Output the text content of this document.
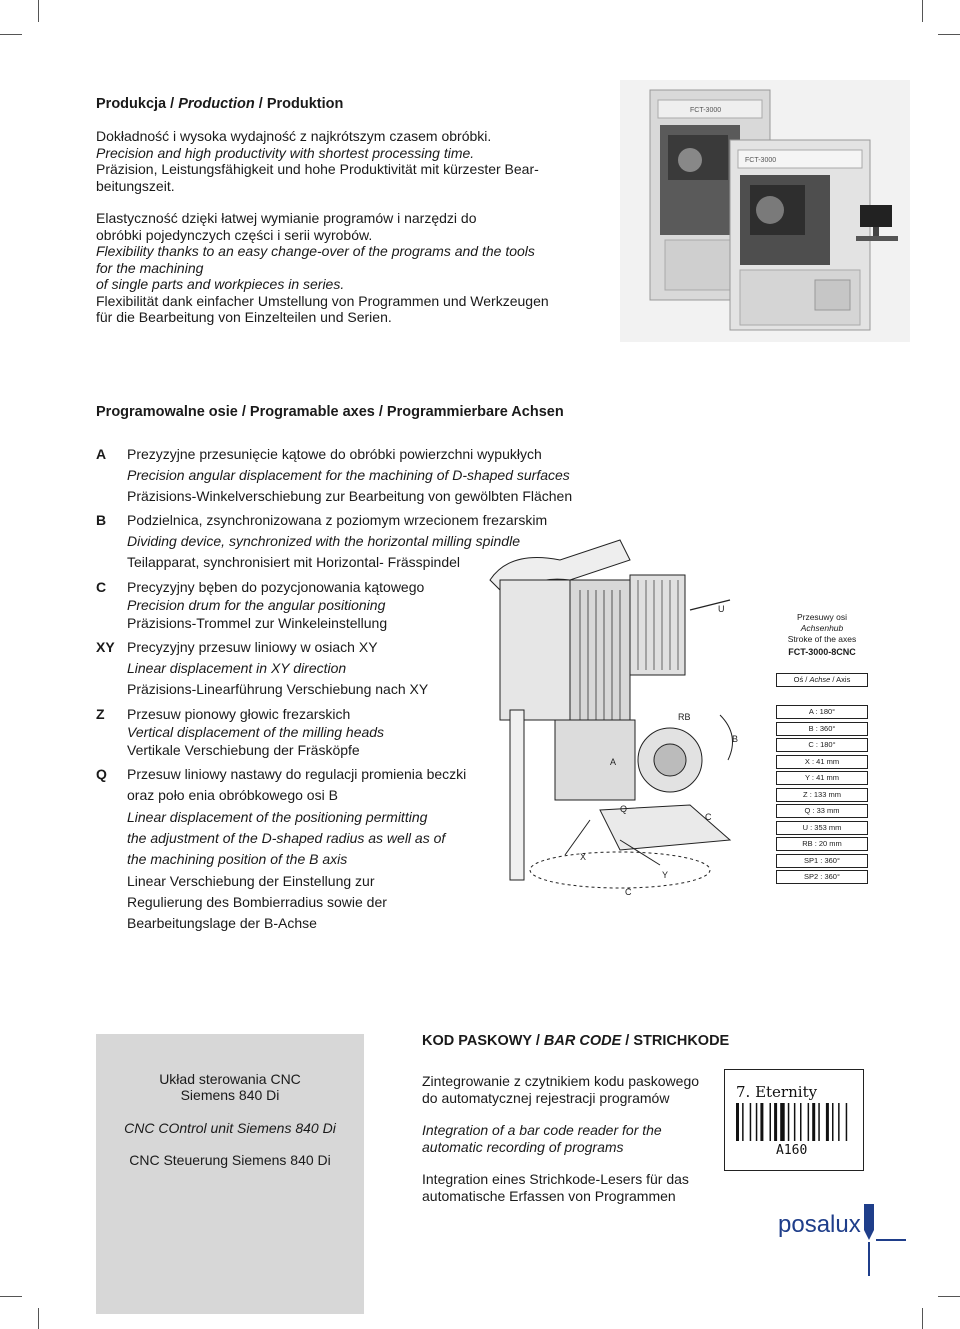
Produkcja / Production / Produktion

Dokładność i wysoka wydajność z najkrótszym czasem obróbki.

Precision and high productivity with shortest processing time.

Präzision, Leistungsfähigkeit und hohe Produktivität mit kürzester Bear-

beitungszeit.

Elastyczność dzięki łatwej wymianie programów i narzędzi do

obróbki pojedynczych części i serii wyrobów.

Flexibility thanks to an easy change-over of the programs and the tools

for the machining

of single parts and workpieces in series.

Flexibilität dank einfacher Umstellung von Programmen und Werkzeugen

für die Bearbeitung von Einzelteilen und Serien.

FCT-3000
FCT-3000
Programowalne osie / Programable axes / Programmierbare Achsen
A Prezyzyjne przesunięcie kątowe do obróbki powierzchni wypukłych
Precision angular displacement for the machining of D-shaped surfaces
Präzisions-Winkelverschiebung zur Bearbeitung von gewölbten Flächen
B Podzielnica, zsynchronizowana z poziomym wrzecionem frezarskim
Dividing device, synchronized with the horizontal milling spindle
Teilapparat, synchronisiert mit Horizontal- Frässpindel
C Precyzyjny bęben do pozycjonowania kątowego
Precision drum for the angular positioning
Präzisions-Trommel zur Winkeleinstellung
XY Precyzyjny przesuw liniowy w osiach XY
Linear displacement in XY direction
Präzisions-Linearführung Verschiebung nach XY
Z Przesuw pionowy głowic frezarskich
Vertical displacement of the milling heads
Vertikale Verschiebung der Fräsköpfe
Q Przesuw liniowy nastawy do regulacji promienia beczki
oraz poło enia obróbkowego osi B
Linear displacement of the positioning permitting
the adjustment of the D-shaped radius as well as of
the machining position of the B axis
Linear Verschiebung der Einstellung zur
Regulierung des Bombierradius sowie der
Bearbeitungslage der B-Achse
U
RB
B
A
C
X
Y
C
Q
Przesuwy osi
Achsenhub
Stroke of the axes
FCT-3000-8CNC
Oś / Achse / Axis
A : 180°
B : 360°
C : 180°
X : 41 mm
Y : 41 mm
Z : 133 mm
Q : 33 mm
U : 353 mm
RB : 20 mm
SP1 : 360°
SP2 : 360°
Układ sterowania CNC
Siemens 840 Di
CNC COntrol unit Siemens 840 Di
CNC Steuerung Siemens 840 Di
KOD PASKOWY / BAR CODE / STRICHKODE

Zintegrowanie z czytnikiem kodu paskowego do automatycznej rejestracji programów

Integration of a bar code reader for the automatic recording of programs

Integration eines Strichkode-Lesers für das automatische Erfassen von Programmen

7. Eternity
A160
posalux
